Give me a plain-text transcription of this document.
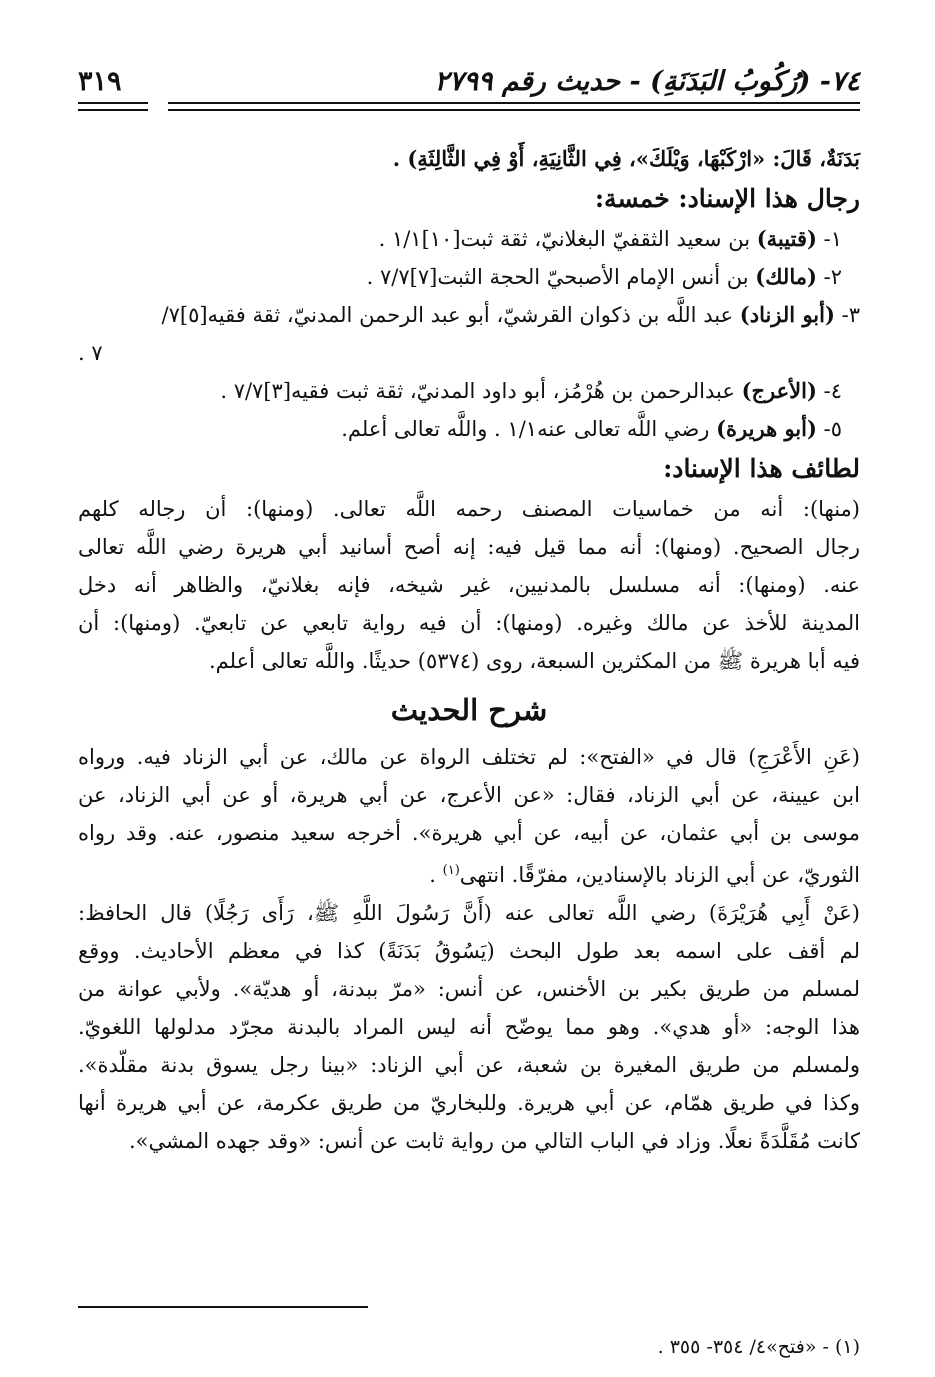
٧٤- (رُكُوبُ البَدَنَةِ) - حديث رقم ٢٧٩٩
٣١٩

بَدَنَةٌ، قَالَ: «ارْكَبْهَا، وَيْلَكَ»، فِي الثَّانِيَةِ، أَوْ فِي الثَّالِثَةِ) .

رجال هذا الإسناد: خمسة:
١- (قتيبة) بن سعيد الثقفيّ البغلانيّ، ثقة ثبت[١٠]١/١ .
٢- (مالك) بن أنس الإمام الأصبحيّ الحجة الثبت[٧]٧/٧ .
٣- (أبو الزناد) عبد اللَّه بن ذكوان القرشيّ، أبو عبد الرحمن المدنيّ، ثقة فقيه[٥]٧/
٧ .
٤- (الأعرج) عبدالرحمن بن هُرْمُز، أبو داود المدنيّ، ثقة ثبت فقيه[٣]٧/٧ .
٥- (أبو هريرة) رضي اللَّه تعالى عنه١/١ . واللَّه تعالى أعلم.
لطائف هذا الإسناد:
(منها): أنه من خماسيات المصنف رحمه اللَّه تعالى. (ومنها): أن رجاله كلهم
رجال الصحيح. (ومنها): أنه مما قيل فيه: إنه أصح أسانيد أبي هريرة رضي اللَّه تعالى
عنه. (ومنها): أنه مسلسل بالمدنيين، غير شيخه، فإنه بغلانيّ، والظاهر أنه دخل
المدينة للأخذ عن مالك وغيره. (ومنها): أن فيه رواية تابعي عن تابعيّ. (ومنها): أن
فيه أبا هريرة ﷺ من المكثرين السبعة، روى (٥٣٧٤) حديثًا. واللَّه تعالى أعلم.
شرح الحديث
(عَنِ الأَعْرَجِ) قال في «الفتح»: لم تختلف الرواة عن مالك، عن أبي الزناد فيه. ورواه
ابن عيينة، عن أبي الزناد، فقال: «عن الأعرج، عن أبي هريرة، أو عن أبي الزناد، عن
موسى بن أبي عثمان، عن أبيه، عن أبي هريرة». أخرجه سعيد منصور، عنه. وقد رواه
الثوريّ، عن أبي الزناد بالإسنادين، مفرّقًا. انتهى$^{(١)}$ .
(عَنْ أَبِي هُرَيْرَةَ) رضي اللَّه تعالى عنه (أَنَّ رَسُولَ اللَّهِ ﷺ، رَأَى رَجُلًا) قال الحافظ:
لم أقف على اسمه بعد طول البحث (يَسُوقُ بَدَنَةً) كذا في معظم الأحاديث. ووقع
لمسلم من طريق بكير بن الأخنس، عن أنس: «مرّ ببدنة، أو هديّة». ولأبي عوانة من
هذا الوجه: «أو هدي». وهو مما يوضّح أنه ليس المراد بالبدنة مجرّد مدلولها اللغويّ.
ولمسلم من طريق المغيرة بن شعبة، عن أبي الزناد: «بينا رجل يسوق بدنة مقلّدة».
وكذا في طريق همّام، عن أبي هريرة. وللبخاريّ من طريق عكرمة، عن أبي هريرة أنها
كانت مُقَلَّدَةً نعلًا. وزاد في الباب التالي من رواية ثابت عن أنس: «وقد جهده المشي».
(١) - «فتح»٤/ ٣٥٤- ٣٥٥ .
